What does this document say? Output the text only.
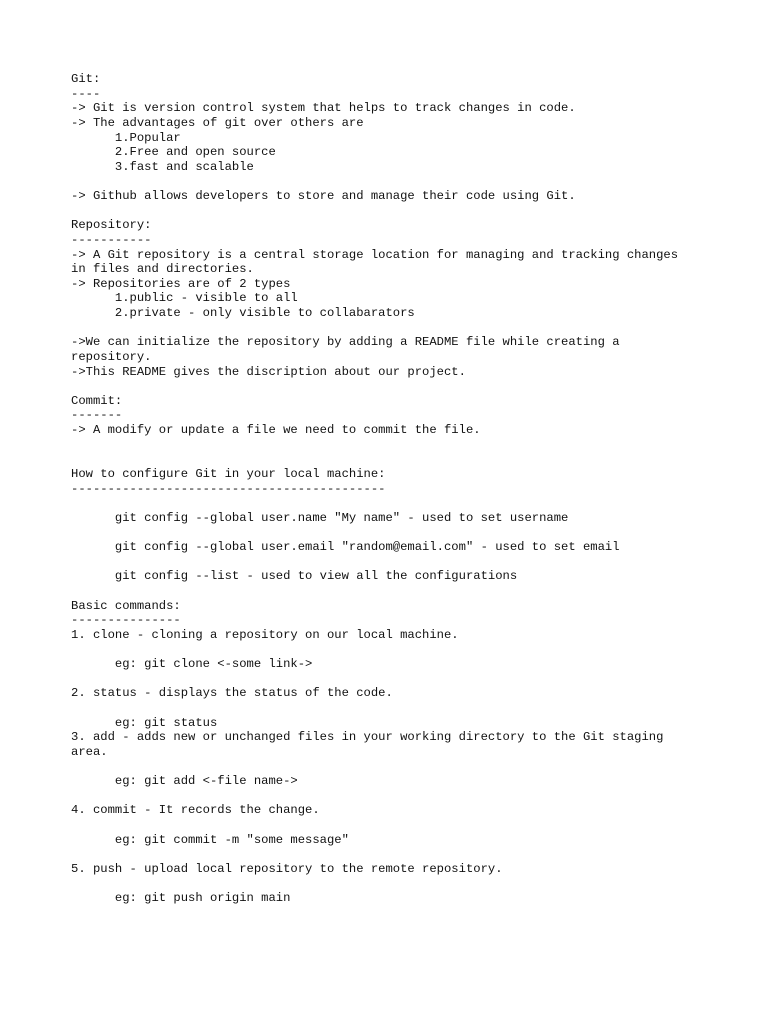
Git:
----
-> Git is version control system that helps to track changes in code.
-> The advantages of git over others are
1.Popular
2.Free and open source
3.fast and scalable
-> Github allows developers to store and manage their code using Git.
Repository:
-----------
-> A Git repository is a central storage location for managing and tracking changes
in files and directories.
-> Repositories are of 2 types
1.public - visible to all
2.private - only visible to collabarators
->We can initialize the repository by adding a README file while creating a
repository.
->This README gives the discription about our project.
Commit:
-------
-> A modify or update a file we need to commit the file.
How to configure Git in your local machine:
-------------------------------------------
git config --global user.name "My name" - used to set username
git config --global user.email "random@email.com" - used to set email
git config --list - used to view all the configurations
Basic commands:
---------------
1. clone - cloning a repository on our local machine.
eg: git clone <-some link->
2. status - displays the status of the code.
eg: git status
3. add - adds new or unchanged files in your working directory to the Git staging
area.
eg: git add <-file name->
4. commit - It records the change.
eg: git commit -m "some message"
5. push - upload local repository to the remote repository.
eg: git push origin main
